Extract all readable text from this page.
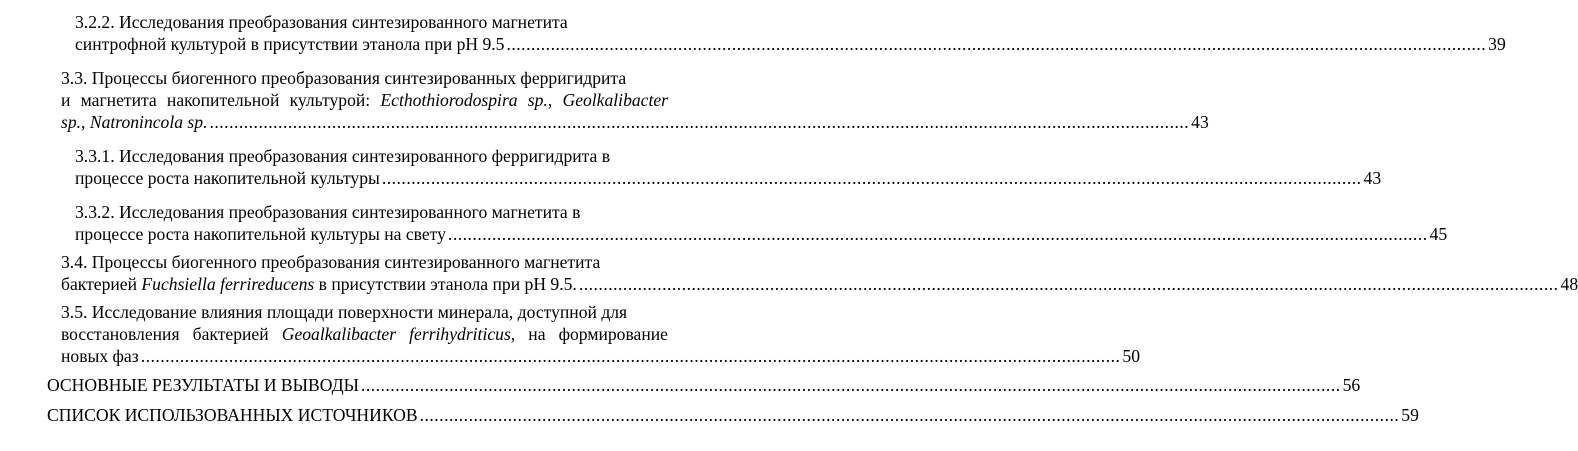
3.2.2. Исследования преобразования синтезированного магнетита
синтрофной культурой в присутствии этанола при рН 9.5 ........................................................................................................................................................................................................ 39
3.3. Процессы биогенного преобразования синтезированных ферригидрита
и магнетита накопительной культурой: Ecthothiorodospira sp., Geolkalibacter
sp., Natronincola sp. ........................................................................................................................................................................................................ 43
3.3.1. Исследования преобразования синтезированного ферригидрита в
процессе роста накопительной культуры ........................................................................................................................................................................................................ 43
3.3.2. Исследования преобразования синтезированного магнетита в
процессе роста накопительной культуры на свету ........................................................................................................................................................................................................ 45
3.4. Процессы биогенного преобразования синтезированного магнетита
бактерией Fuchsiella ferrireducens в присутствии этанола при рН 9.5. ........................................................................................................................................................................................................ 48
3.5. Исследование влияния площади поверхности минерала, доступной для
восстановления бактерией Geoalkalibacter ferrihydriticus, на формирование
новых фаз ........................................................................................................................................................................................................ 50
ОСНОВНЫЕ РЕЗУЛЬТАТЫ И ВЫВОДЫ ........................................................................................................................................................................................................ 56
СПИСОК ИСПОЛЬЗОВАННЫХ ИСТОЧНИКОВ ........................................................................................................................................................................................................ 59
